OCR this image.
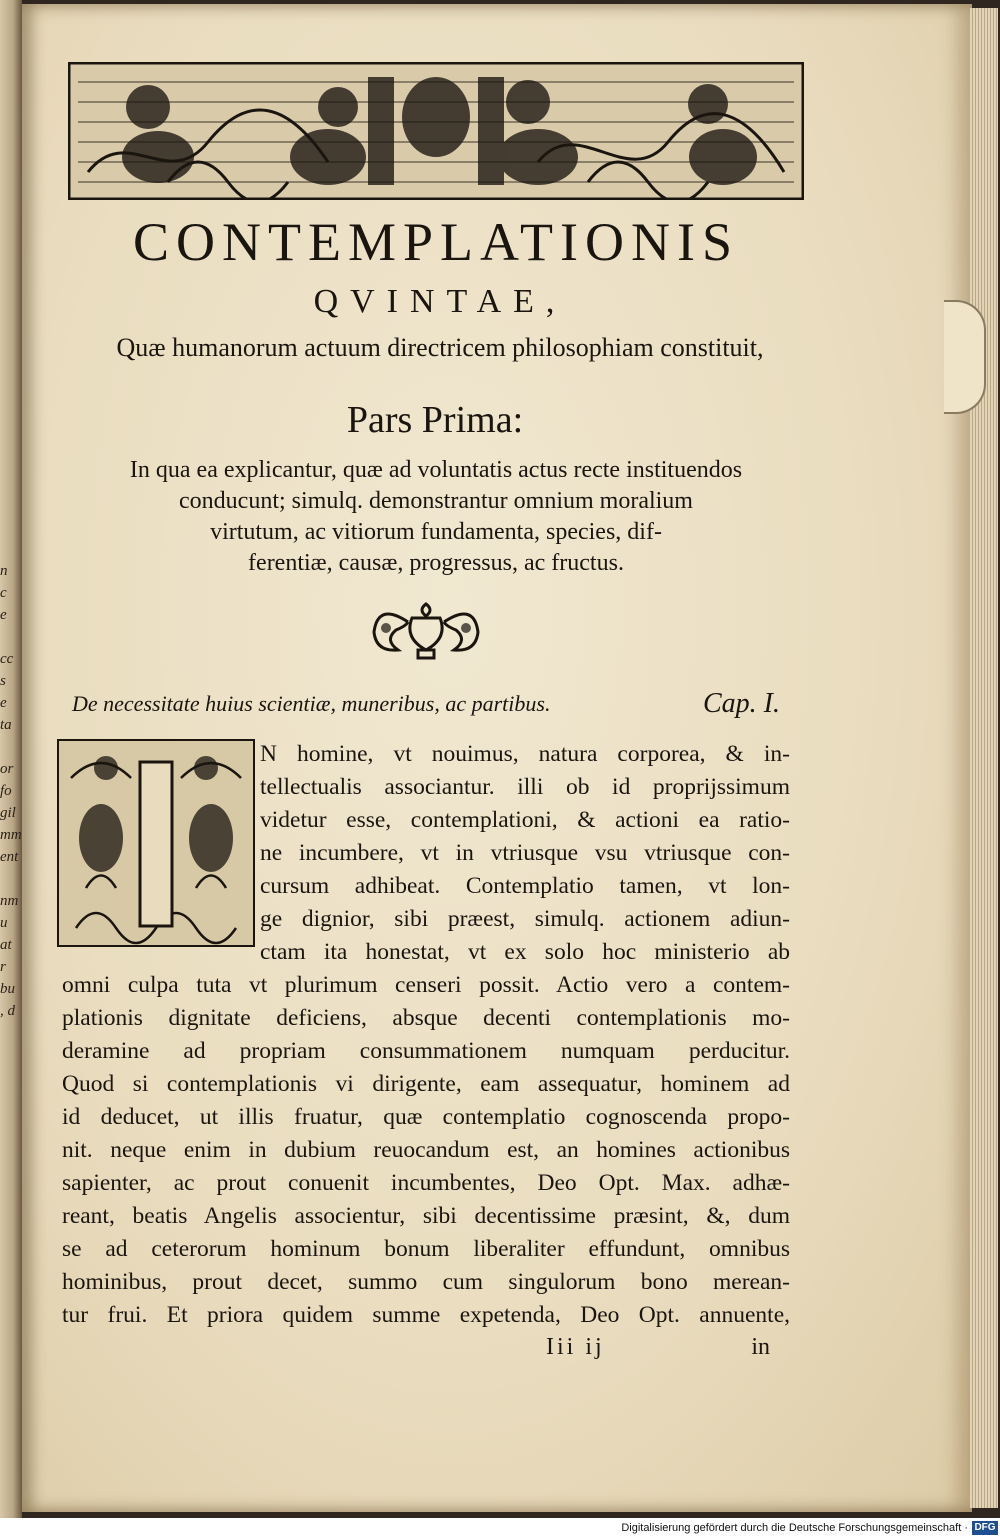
n
c
e

cc
s
e
ta

or
fo
gil
mm
ent

nm
u
at
r
bu
, d
CONTEMPLATIONIS
QVINTAE,
Quæ humanorum actuum directricem philosophiam constituit,
Pars Prima:
In qua ea explicantur, quæ ad voluntatis actus recte instituendos
conducunt; simulq. demonstrantur omnium moralium
virtutum, ac vitiorum fundamenta, species, dif-
ferentiæ, causæ, progressus, ac fructus.
De necessitate huius scientiæ, muneribus, ac partibus.	Cap. I.
N homine, vt nouimus, natura corporea, & in-
tellectualis associantur. illi ob id proprijssimum
videtur esse, contemplationi, & actioni ea ratio-
ne incumbere, vt in vtriusque vsu vtriusque con-
cursum adhibeat. Contemplatio tamen, vt lon-
ge dignior, sibi præest, simulq. actionem adiun-
ctam ita honestat, vt ex solo hoc ministerio ab
omni culpa tuta vt plurimum censeri possit. Actio vero a contem-
plationis dignitate deficiens, absque decenti contemplationis mo-
deramine ad propriam consummationem numquam perducitur.
Quod si contemplationis vi dirigente, eam assequatur, hominem ad
id deducet, ut illis fruatur, quæ contemplatio cognoscenda propo-
nit. neque enim in dubium reuocandum est, an homines actionibus
sapienter, ac prout conuenit incumbentes, Deo Opt. Max. adhæ-
reant, beatis Angelis associentur, sibi decentissime præsint, &, dum
se ad ceterorum hominum bonum liberaliter effundunt, omnibus
hominibus, prout decet, summo cum singulorum bono merean-
tur frui. Et priora quidem summe expetenda, Deo Opt. annuente,
Iii ij	in
Digitalisierung gefördert durch die Deutsche Forschungsgemeinschaft · DFG
